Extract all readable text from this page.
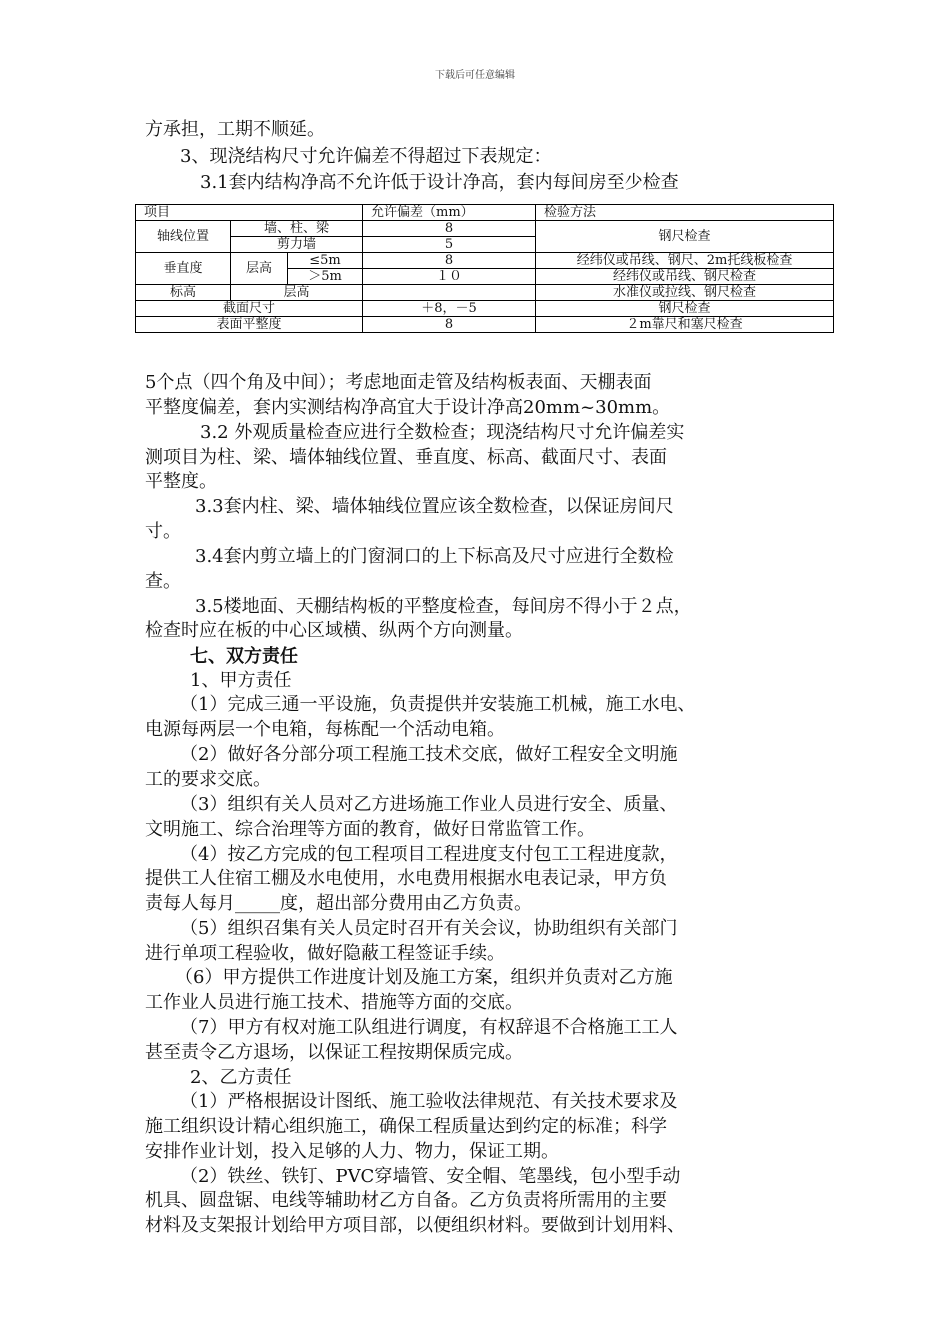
下载后可任意编辑
方承担，工期不顺延。
3、现浇结构尺寸允许偏差不得超过下表规定：
3.1套内结构净高不允许低于设计净高，套内每间房至少检查
项目			允许偏差（mm）	检验方法
轴线位置	墙、柱、梁		8	钢尺检查
	剪力墙		5	
垂直度	层高	≤5m	8	经纬仪或吊线、钢尺、2m托线板检查
		＞5m	１０	经纬仪或吊线、钢尺检查
标高	层高			水准仪或拉线、钢尺检查
截面尺寸			＋8，－5	钢尺检查
表面平整度			8	２m靠尺和塞尺检查
5个点（四个角及中间）；考虑地面走管及结构板表面、天棚表面
平整度偏差，套内实测结构净高宜大于设计净高20mm~30mm。
3.2 外观质量检查应进行全数检查；现浇结构尺寸允许偏差实
测项目为柱、梁、墙体轴线位置、垂直度、标高、截面尺寸、表面
平整度。
3.3套内柱、梁、墙体轴线位置应该全数检查，以保证房间尺
寸。
3.4套内剪立墙上的门窗洞口的上下标高及尺寸应进行全数检
查。
3.5楼地面、天棚结构板的平整度检查，每间房不得小于２点，
检查时应在板的中心区域横、纵两个方向测量。
七、双方责任
1、甲方责任
（1）完成三通一平设施，负责提供并安装施工机械，施工水电、
电源每两层一个电箱，每栋配一个活动电箱。
（2）做好各分部分项工程施工技术交底，做好工程安全文明施
工的要求交底。
（3）组织有关人员对乙方进场施工作业人员进行安全、质量、
文明施工、综合治理等方面的教育，做好日常监管工作。
（4）按乙方完成的包工程项目工程进度支付包工工程进度款，
提供工人住宿工棚及水电使用，水电费用根据水电表记录，甲方负
责每人每月_____度，超出部分费用由乙方负责。
（5）组织召集有关人员定时召开有关会议，协助组织有关部门
进行单项工程验收，做好隐蔽工程签证手续。
（6）甲方提供工作进度计划及施工方案，组织并负责对乙方施
工作业人员进行施工技术、措施等方面的交底。
（7）甲方有权对施工队组进行调度，有权辞退不合格施工工人
甚至责令乙方退场，以保证工程按期保质完成。
2、乙方责任
（1）严格根据设计图纸、施工验收法律规范、有关技术要求及
施工组织设计精心组织施工，确保工程质量达到约定的标准；科学
安排作业计划，投入足够的人力、物力，保证工期。
（2）铁丝、铁钉、PVC穿墙管、安全帽、笔墨线，包小型手动
机具、圆盘锯、电线等辅助材乙方自备。乙方负责将所需用的主要
材料及支架报计划给甲方项目部，以便组织材料。要做到计划用料、
